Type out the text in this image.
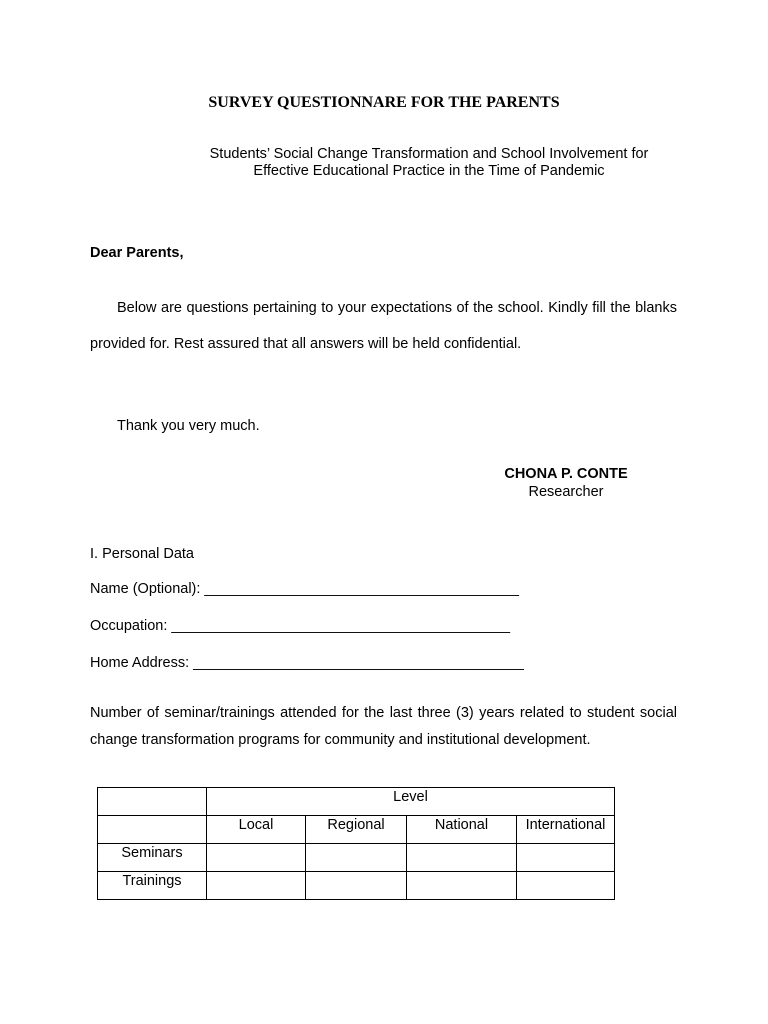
SURVEY QUESTIONNARE FOR THE PARENTS
Students’ Social Change Transformation and School Involvement for
Effective Educational Practice in the Time of Pandemic
Dear Parents,
Below are questions pertaining to your expectations of the school. Kindly fill the blanks provided for. Rest assured that all answers will be held confidential.
Thank you very much.
CHONA P. CONTE
Researcher
I. Personal Data
Name (Optional): _______________________________________
Occupation: __________________________________________
Home Address: _________________________________________
Number of seminar/trainings attended for the last three (3) years related to student social change transformation programs for community and institutional development.
	Level			
	Local	Regional	National	International
Seminars				
Trainings				
